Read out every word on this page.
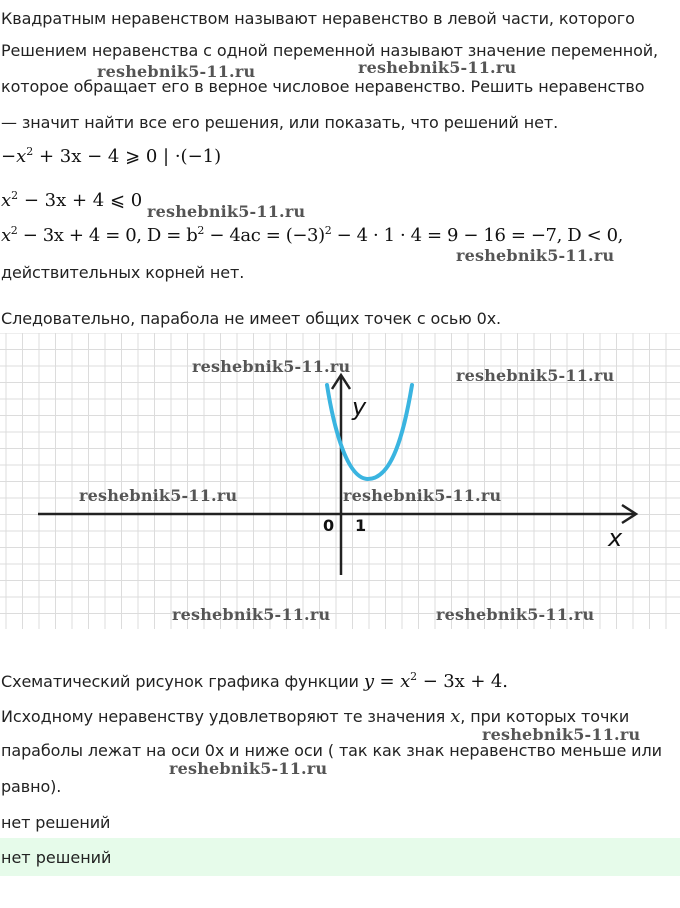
Квадратным неравенством называют неравенство в левой части, которого
Решением неравенства с одной переменной называют значение переменной,
которое обращает его в верное числовое неравенство. Решить неравенство
— значит найти все его решения, или показать, что решений нет.
$-x^2 + 3x - 4$ ⩾ 0 | ·(−1)
$x^2 - 3x + 4$ ⩽ 0
$x^2 - 3x + 4 = 0$, $D = b^2 - 4ac = (-3)^2 - 4 \cdot 1 \cdot 4 = 9 - 16 = -7$, D < 0,
действительных корней нет.
Следовательно, парабола не имеет общих точек с осью 0х.
y
x
0 1
Схематический рисунок графика функции $y = x^2 - 3x + 4$.
Исходному неравенству удовлетворяют те значения x, при которых точки
параболы лежат на оси 0х и ниже оси ( так как знак неравенство меньше или
равно).
нет решений
нет решений
reshebnik5-11.ru	reshebnik5-11.ru
reshebnik5-11.ru
reshebnik5-11.ru
reshebnik5-11.ru	reshebnik5-11.ru
reshebnik5-11.ru	reshebnik5-11.ru
reshebnik5-11.ru	reshebnik5-11.ru
reshebnik5-11.ru
reshebnik5-11.ru
